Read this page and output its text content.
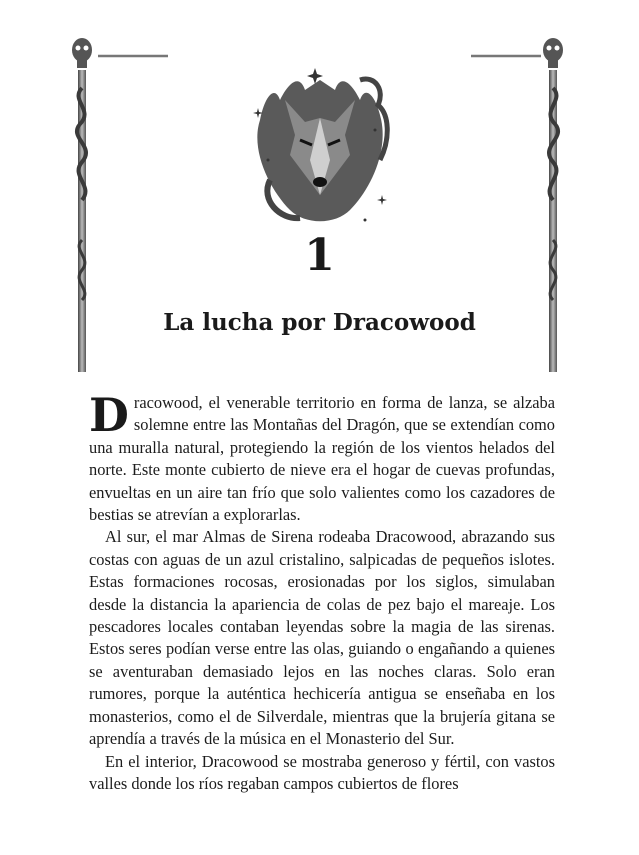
1
La lucha por Dracowood

Dracowood, el venerable territorio en forma de lanza, se alzaba solemne entre las Montañas del Dragón, que se extendían como una muralla natural, protegiendo la región de los vientos helados del norte. Este monte cubierto de nieve era el hogar de cuevas profundas, envueltas en un aire tan frío que solo valientes como los cazadores de bestias se atrevían a explorarlas.

Al sur, el mar Almas de Sirena rodeaba Dracowood, abrazando sus costas con aguas de un azul cristalino, salpicadas de pequeños islotes. Estas formaciones rocosas, erosionadas por los siglos, simulaban desde la distancia la apariencia de colas de pez bajo el mareaje. Los pescadores locales contaban leyendas sobre la magia de las sirenas. Estos seres podían verse entre las olas, guiando o engañando a quienes se aventuraban demasiado lejos en las noches claras. Solo eran rumores, porque la auténtica hechicería antigua se enseñaba en los monasterios, como el de Silverdale, mientras que la brujería gitana se aprendía a través de la música en el Monasterio del Sur.

En el interior, Dracowood se mostraba generoso y fértil, con vastos valles donde los ríos regaban campos cubiertos de flores
